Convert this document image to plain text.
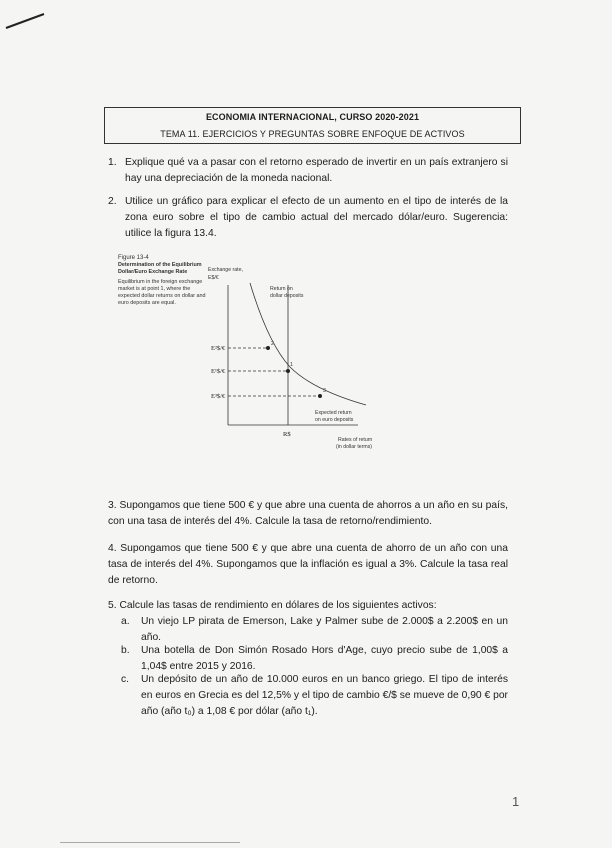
ECONOMIA INTERNACIONAL, CURSO 2020-2021
TEMA 11. EJERCICIOS Y PREGUNTAS SOBRE ENFOQUE DE ACTIVOS
1. Explique qué va a pasar con el retorno esperado de invertir en un país extranjero si hay una depreciación de la moneda nacional.
2. Utilice un gráfico para explicar el efecto de un aumento en el tipo de interés de la zona euro sobre el tipo de cambio actual del mercado dólar/euro. Sugerencia: utilice la figura 13.4.
Figure 13-4
Determination of the Equilibrium Dollar/Euro Exchange Rate
Equilibrium in the foreign exchange market is at point 1, where the expected dollar returns on dollar and euro deposits are equal.
2
1
3
Exchange rate,
E$/€
Return on
dollar deposits
Expected return
on euro deposits
E²$/€
E¹$/€
E³$/€
R$
Rates of return
(in dollar terms)
3. Supongamos que tiene 500 € y que abre una cuenta de ahorros a un año en su país, con una tasa de interés del 4%. Calcule la tasa de retorno/rendimiento.
4. Supongamos que tiene 500 € y que abre una cuenta de ahorro de un año con una tasa de interés del 4%. Supongamos que la inflación es igual a 3%. Calcule la tasa real de retorno.
5. Calcule las tasas de rendimiento en dólares de los siguientes activos:
a. Un viejo LP pirata de Emerson, Lake y Palmer sube de 2.000$ a 2.200$ en un año.
b. Una botella de Don Simón Rosado Hors d'Age, cuyo precio sube de 1,00$ a 1,04$ entre 2015 y 2016.
c. Un depósito de un año de 10.000 euros en un banco griego. El tipo de interés en euros en Grecia es del 12,5% y el tipo de cambio €/$ se mueve de 0,90 € por año (año t₀) a 1,08 € por dólar (año t₁).
1
